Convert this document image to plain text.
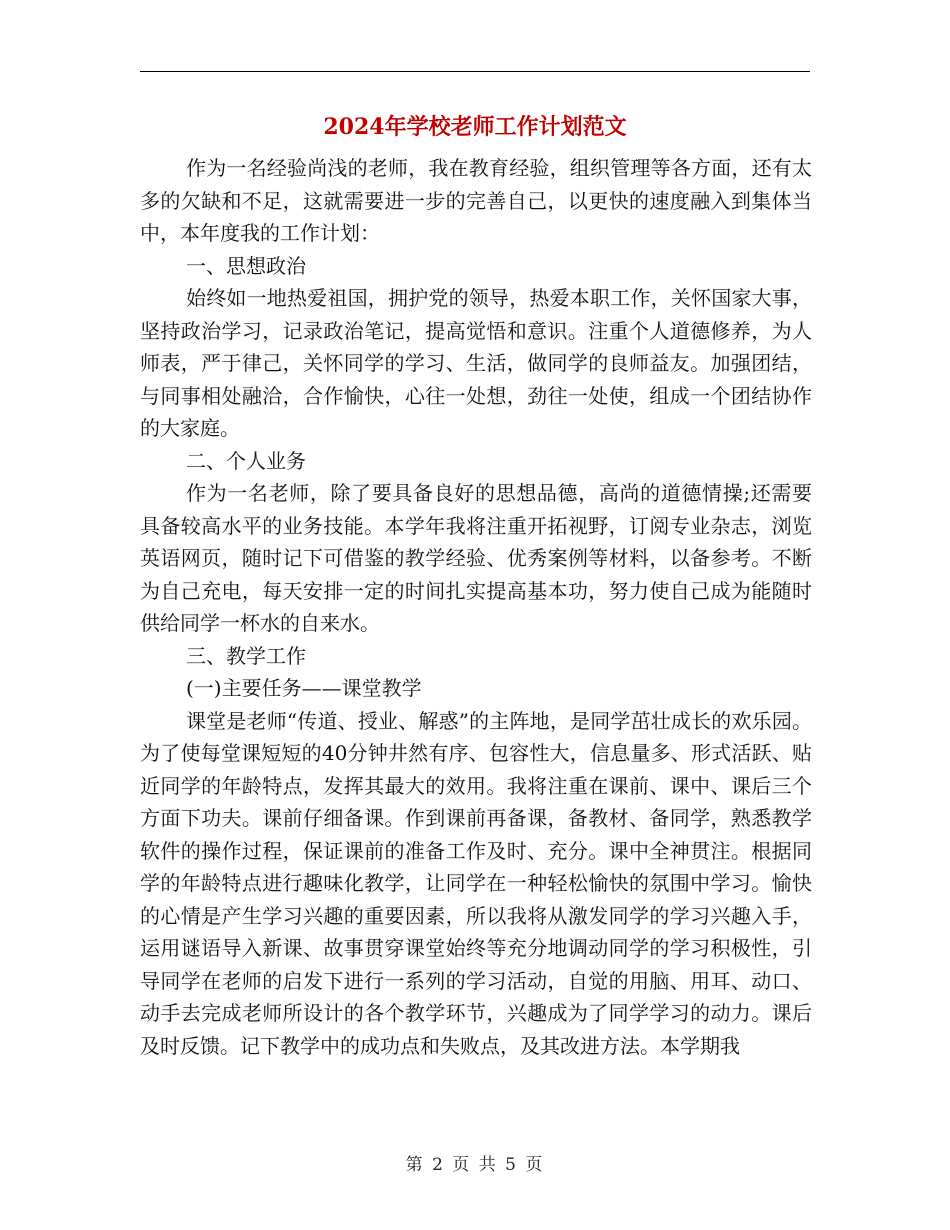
2024年学校老师工作计划范文

作为一名经验尚浅的老师，我在教育经验，组织管理等各方面，还有太多的欠缺和不足，这就需要进一步的完善自己，以更快的速度融入到集体当中，本年度我的工作计划：

一、思想政治

始终如一地热爱祖国，拥护党的领导，热爱本职工作，关怀国家大事，坚持政治学习，记录政治笔记，提高觉悟和意识。注重个人道德修养，为人师表，严于律己，关怀同学的学习、生活，做同学的良师益友。加强团结，与同事相处融洽，合作愉快，心往一处想，劲往一处使，组成一个团结协作的大家庭。

二、个人业务

作为一名老师，除了要具备良好的思想品德，高尚的道德情操;还需要具备较高水平的业务技能。本学年我将注重开拓视野，订阅专业杂志，浏览英语网页，随时记下可借鉴的教学经验、优秀案例等材料，以备参考。不断为自己充电，每天安排一定的时间扎实提高基本功，努力使自己成为能随时供给同学一杯水的自来水。

三、教学工作

(一)主要任务——课堂教学

课堂是老师“传道、授业、解惑”的主阵地，是同学茁壮成长的欢乐园。为了使每堂课短短的40分钟井然有序、包容性大，信息量多、形式活跃、贴近同学的年龄特点，发挥其最大的效用。我将注重在课前、课中、课后三个方面下功夫。课前仔细备课。作到课前再备课，备教材、备同学，熟悉教学软件的操作过程，保证课前的准备工作及时、充分。课中全神贯注。根据同学的年龄特点进行趣味化教学，让同学在一种轻松愉快的氛围中学习。愉快的心情是产生学习兴趣的重要因素，所以我将从激发同学的学习兴趣入手，运用谜语导入新课、故事贯穿课堂始终等充分地调动同学的学习积极性，引导同学在老师的启发下进行一系列的学习活动，自觉的用脑、用耳、动口、动手去完成老师所设计的各个教学环节，兴趣成为了同学学习的动力。课后及时反馈。记下教学中的成功点和失败点，及其改进方法。本学期我

第 2 页 共 5 页
